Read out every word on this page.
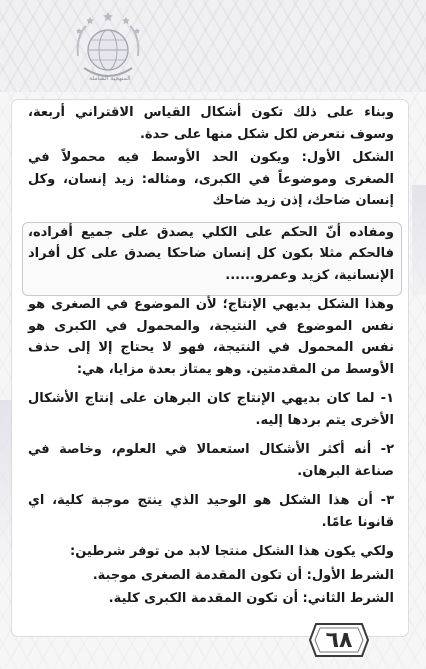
المنهجية الشاملة

وبناء على ذلك تكون أشكال القياس الاقتراني أربعة، وسوف نتعرض لكل شكل منها على حدة.

الشكل الأول: ويكون الحد الأوسط فيه محمولاً في الصغرى وموضوعاً في الكبرى، ومثاله: زيد إنسان، وكل إنسان ضاحك، إذن زيد ضاحك

ومفاده أنّ الحكم على الكلي يصدق على جميع أفراده، فالحكم مثلا بكون كل إنسان ضاحكا يصدق على كل أفراد الإنسانية، كزيد وعمرو......

وهذا الشكل بديهي الإنتاج؛ لأن الموضوع في الصغرى هو نفس الموضوع في النتيجة، والمحمول في الكبرى هو نفس المحمول في النتيجة، فهو لا يحتاج إلا إلى حذف الأوسط من المقدمتين. وهو يمتاز بعدة مزايا، هي:

١- لما كان بديهي الإنتاج كان البرهان على إنتاج الأشكال الأخرى يتم بردها إليه.

٢- أنه أكثر الأشكال استعمالا في العلوم، وخاصة في صناعة البرهان.

٣- أن هذا الشكل هو الوحيد الذي ينتج موجبة كلية، اي قانونا عامًا.

ولكي يكون هذا الشكل منتجا لابد من توفر شرطين:

الشرط الأول: أن تكون المقدمة الصغرى موجبة.

الشرط الثاني: أن تكون المقدمة الكبرى كلية.

٦٨
